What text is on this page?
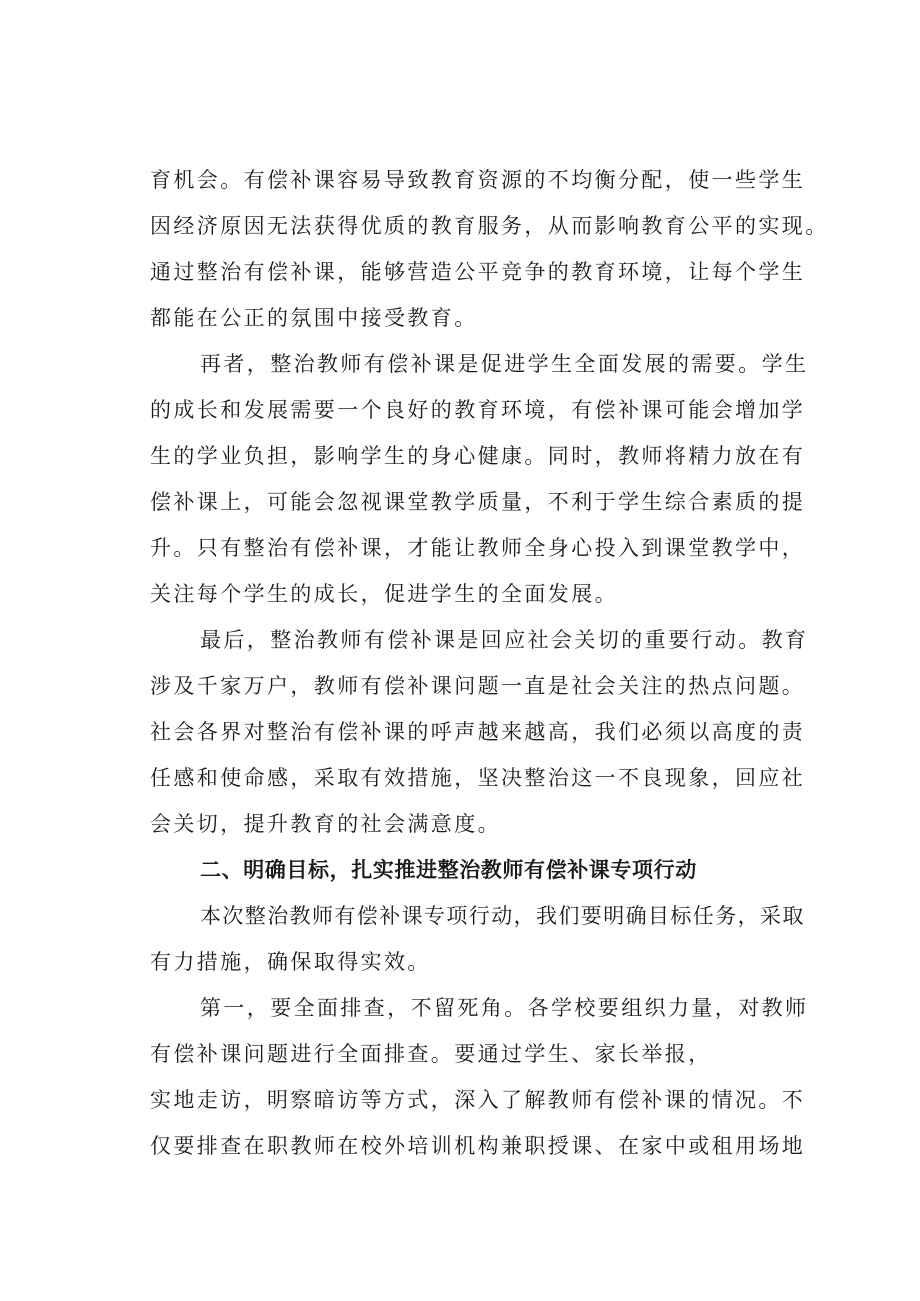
育机会。有偿补课容易导致教育资源的不均衡分配，使一些学生
因经济原因无法获得优质的教育服务，从而影响教育公平的实现。
通过整治有偿补课，能够营造公平竞争的教育环境，让每个学生
都能在公正的氛围中接受教育。
再者，整治教师有偿补课是促进学生全面发展的需要。学生
的成长和发展需要一个良好的教育环境，有偿补课可能会增加学
生的学业负担，影响学生的身心健康。同时，教师将精力放在有
偿补课上，可能会忽视课堂教学质量，不利于学生综合素质的提
升。只有整治有偿补课，才能让教师全身心投入到课堂教学中，
关注每个学生的成长，促进学生的全面发展。
最后，整治教师有偿补课是回应社会关切的重要行动。教育
涉及千家万户，教师有偿补课问题一直是社会关注的热点问题。
社会各界对整治有偿补课的呼声越来越高，我们必须以高度的责
任感和使命感，采取有效措施，坚决整治这一不良现象，回应社
会关切，提升教育的社会满意度。
二、明确目标，扎实推进整治教师有偿补课专项行动
本次整治教师有偿补课专项行动，我们要明确目标任务，采取
有力措施，确保取得实效。
第一，要全面排查，不留死角。各学校要组织力量，对教师
有偿补课问题进行全面排查。要通过学生、家长举报，
实地走访，明察暗访等方式，深入了解教师有偿补课的情况。不
仅要排查在职教师在校外培训机构兼职授课、在家中或租用场地
